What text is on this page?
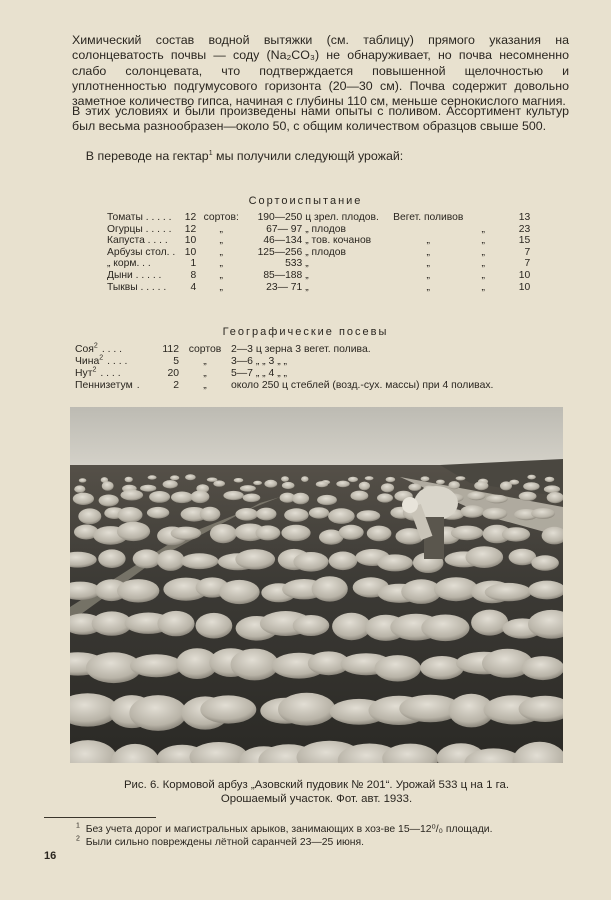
Химический состав водной вытяжки (см. таблицу) прямого указания на солонцеватость почвы — соду (Na₂CO₃) не обнаруживает, но почва несомненно слабо солонцевата, что подтверждается повышенной щелочностью и уплотненностью подгумусового горизонта (20—30 см). Почва содержит довольно заметное количество гипса, начиная с глубины 110 см, меньше сернокислого магния.

В этих условиях и были произведены нами опыты с поливом. Ассортимент культур был весьма разнообразен—около 50, с общим количеством образцов свыше 500.

В переводе на гектар$^1$ мы получили следующй урожай:

Сортоиспытание

Томаты . . . . .	12	сортов:	190—250	ц зрел. плодов.	Вегет. поливов		13
Огурцы . . . . .	12	„	67— 97	„ плодов		„	23
Капуста . . . .	10	„	46—134	„ тов. кочанов	„	„	15
Арбузы стол. .	10	„	125—256	„ плодов	„	„	7
„ корм. . .	1	„	533	„	„	„	7
Дыни . . . . .	8	„	85—188	„	„	„	10
Тыквы . . . . .	4	„	23— 71	„	„	„	10

Географические посевы

Соя$^2$ . . . .	112	сортов	2—3 ц зерна 3 вегет. полива.
Чина$^2$ . . . .	5	„	3—6 „ „ 3 „ „
Нут$^2$ . . . .	20	„	5—7 „ „ 4 „ „
Пеннизетум .	2	„	около 250 ц стеблей (возд.-сух. массы) при 4 поливах.

Рис. 6. Кормовой арбуз „Азовский пудовик № 201“. Урожай 533 ц на 1 га.
Орошаемый участок. Фот. авт. 1933.

$^1$ Без учета дорог и магистральных арыков, занимающих в хоз-ве 15—12⁰/₀ площади.

$^2$ Были сильно повреждены лётной саранчей 23—25 июня.

16
